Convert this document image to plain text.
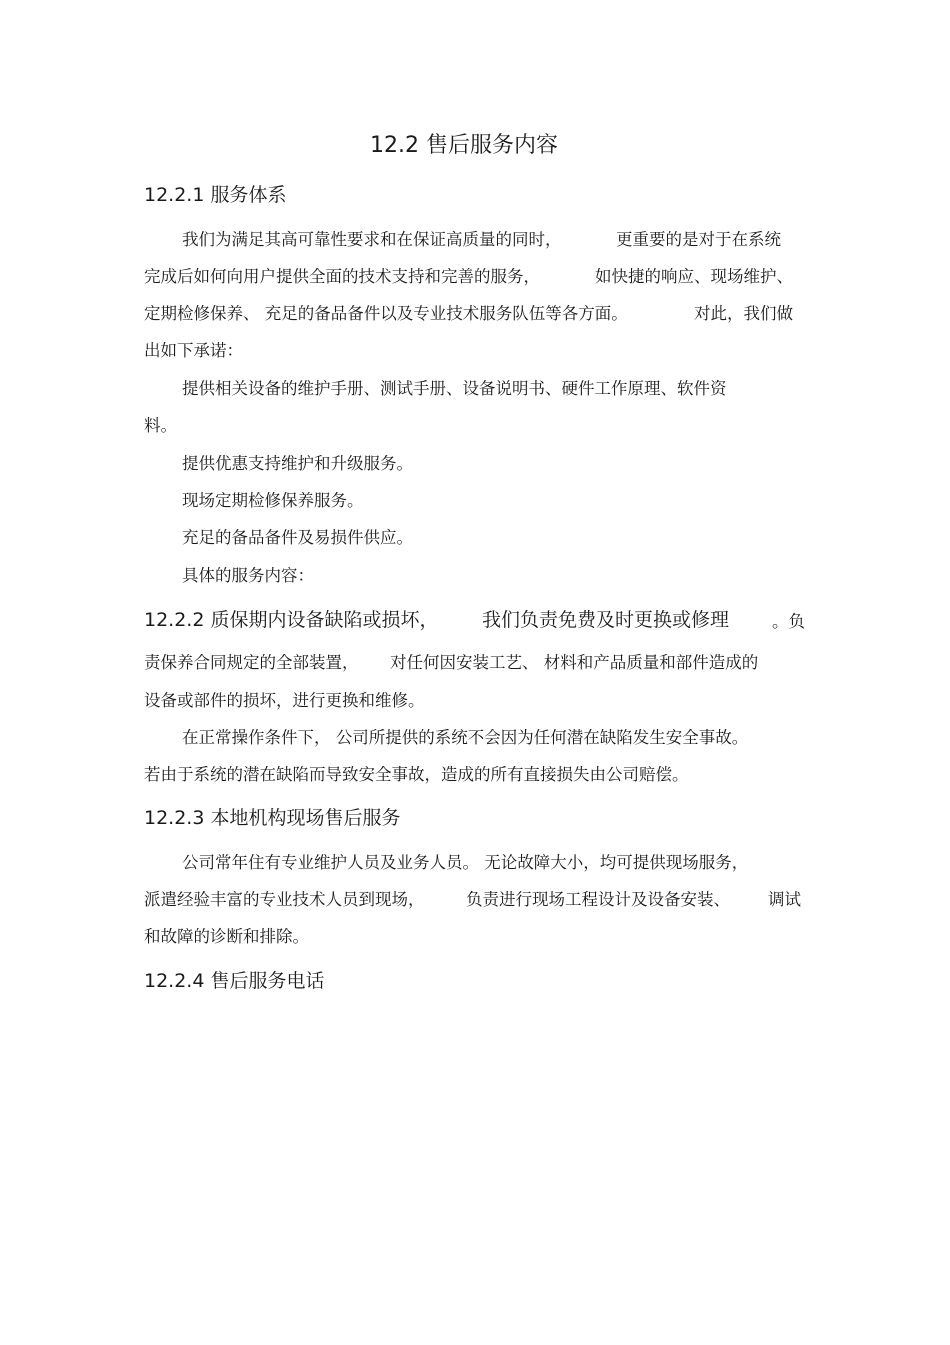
12.2 售后服务内容
12.2.1 服务体系
我们为满足其高可靠性要求和在保证高质量的同时，	更重要的是对于在系统
完成后如何向用户提供全面的技术支持和完善的服务，	如快捷的响应、现场维护、
定期检修保养、 充足的备品备件以及专业技术服务队伍等各方面。	对此，我们做
出如下承诺：
提供相关设备的维护手册、测试手册、设备说明书、硬件工作原理、软件资
料。
提供优惠支持维护和升级服务。
现场定期检修保养服务。
充足的备品备件及易损件供应。
具体的服务内容：
12.2.2 质保期内设备缺陷或损坏， 我们负责免费及时更换或修理	。负
责保养合同规定的全部装置， 对任何因安装工艺、 材料和产品质量和部件造成的
设备或部件的损坏，进行更换和维修。
在正常操作条件下， 公司所提供的系统不会因为任何潜在缺陷发生安全事故。
若由于系统的潜在缺陷而导致安全事故，造成的所有直接损失由公司赔偿。
12.2.3 本地机构现场售后服务
公司常年住有专业维护人员及业务人员。 无论故障大小，均可提供现场服务，
派遣经验丰富的专业技术人员到现场，	负责进行现场工程设计及设备安装、 调试
和故障的诊断和排除。
12.2.4 售后服务电话
